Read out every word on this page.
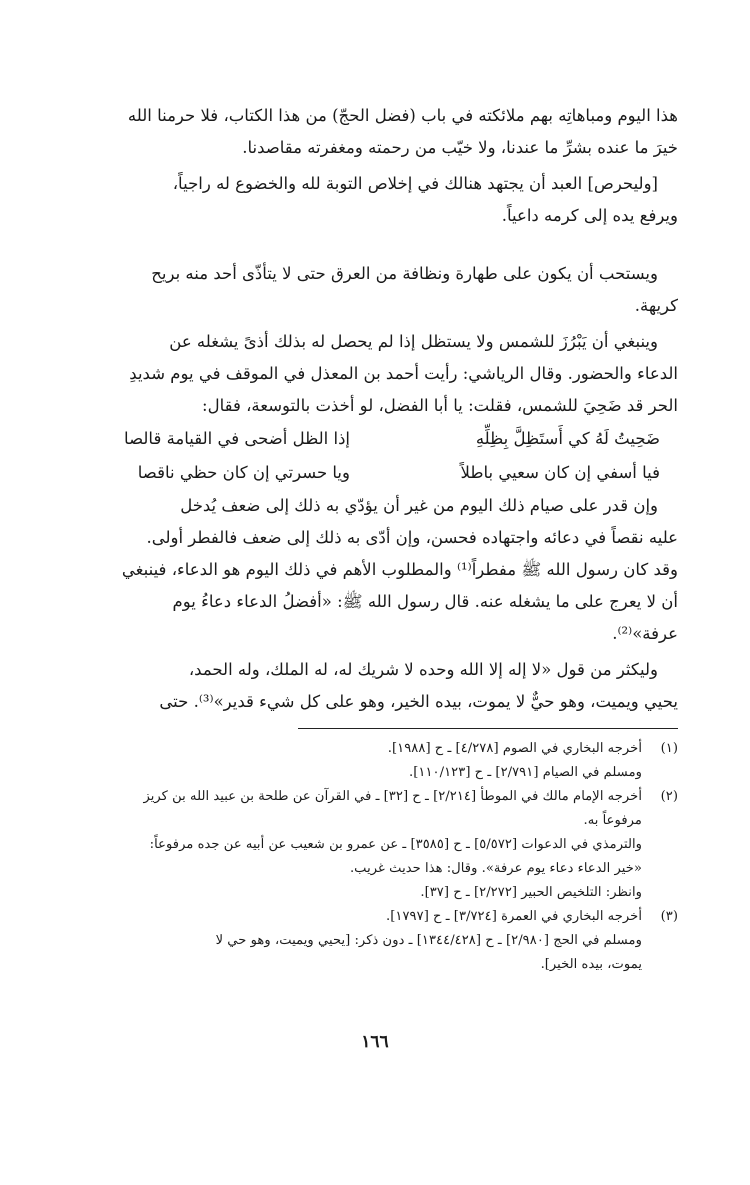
هذا اليوم ومباهاتِه بهم ملائكته في باب (فضل الحجّ) من هذا الكتاب، فلا حرمنا الله
خيرَ ما عنده بشرِّ ما عندنا، ولا خيّب من رحمته ومغفرته مقاصدنا.

[وليحرص] العبد أن يجتهد هنالك في إخلاص التوبة لله والخضوع له راجياً،
ويرفع يده إلى كرمه داعياً.

ويستحب أن يكون على طهارة ونظافة من العرق حتى لا يتأذّى أحد منه بريح
كريهة.

وينبغي أن يَبْرُزَ للشمس ولا يستظل إذا لم يحصل له بذلك أذىً يشغله عن
الدعاء والحضور. وقال الرياشي: رأيت أحمد بن المعذل في الموقف في يوم شديدِ
الحر قد ضَحِيَ للشمس، فقلت: يا أبا الفضل، لو أخذت بالتوسعة، فقال:

ضَحِيتُ لَهُ كي أَستَظِلَّ بِظِلِّهِ
إذا الظل أضحى في القيامة قالصا
فيا أسفي إن كان سعيي باطلاً
ويا حسرتي إن كان حظي ناقصا

وإن قدر على صيام ذلك اليوم من غير أن يؤدّي به ذلك إلى ضعف يُدخل
عليه نقصاً في دعائه واجتهاده فحسن، وإن أدّى به ذلك إلى ضعف فالفطر أولى.
وقد كان رسول الله ﷺ مفطراً⁽¹⁾ والمطلوب الأهم في ذلك اليوم هو الدعاء، فينبغي
أن لا يعرج على ما يشغله عنه. قال رسول الله ﷺ: «أفضلُ الدعاء دعاءُ يوم
عرفة»⁽²⁾.

وليكثر من قول «لا إله إلا الله وحده لا شريك له، له الملك، وله الحمد،
يحيي ويميت، وهو حيٌّ لا يموت، بيده الخير، وهو على كل شيء قدير»⁽³⁾. حتى

(١)
أخرجه البخاري في الصوم [٤/٢٧٨] ـ ح [١٩٨٨].
ومسلم في الصيام [٢/٧٩١] ـ ح [١١٠/١٢٣].
(٢)
أخرجه الإمام مالك في الموطأ [٢/٢١٤] ـ ح [٣٢] ـ في القرآن عن طلحة بن عبيد الله بن كريز
مرفوعاً به.
والترمذي في الدعوات [٥/٥٧٢] ـ ح [٣٥٨٥] ـ عن عمرو بن شعيب عن أبيه عن جده مرفوعاً:
«خير الدعاء دعاء يوم عرفة». وقال: هذا حديث غريب.
وانظر: التلخيص الحبير [٢/٢٧٢] ـ ح [٣٧].
(٣)
أخرجه البخاري في العمرة [٣/٧٢٤] ـ ح [١٧٩٧].
ومسلم في الحج [٢/٩٨٠] ـ ح [١٣٤٤/٤٢٨] ـ دون ذكر: [يحيي ويميت، وهو حي لا
يموت، بيده الخير].
١٦٦
